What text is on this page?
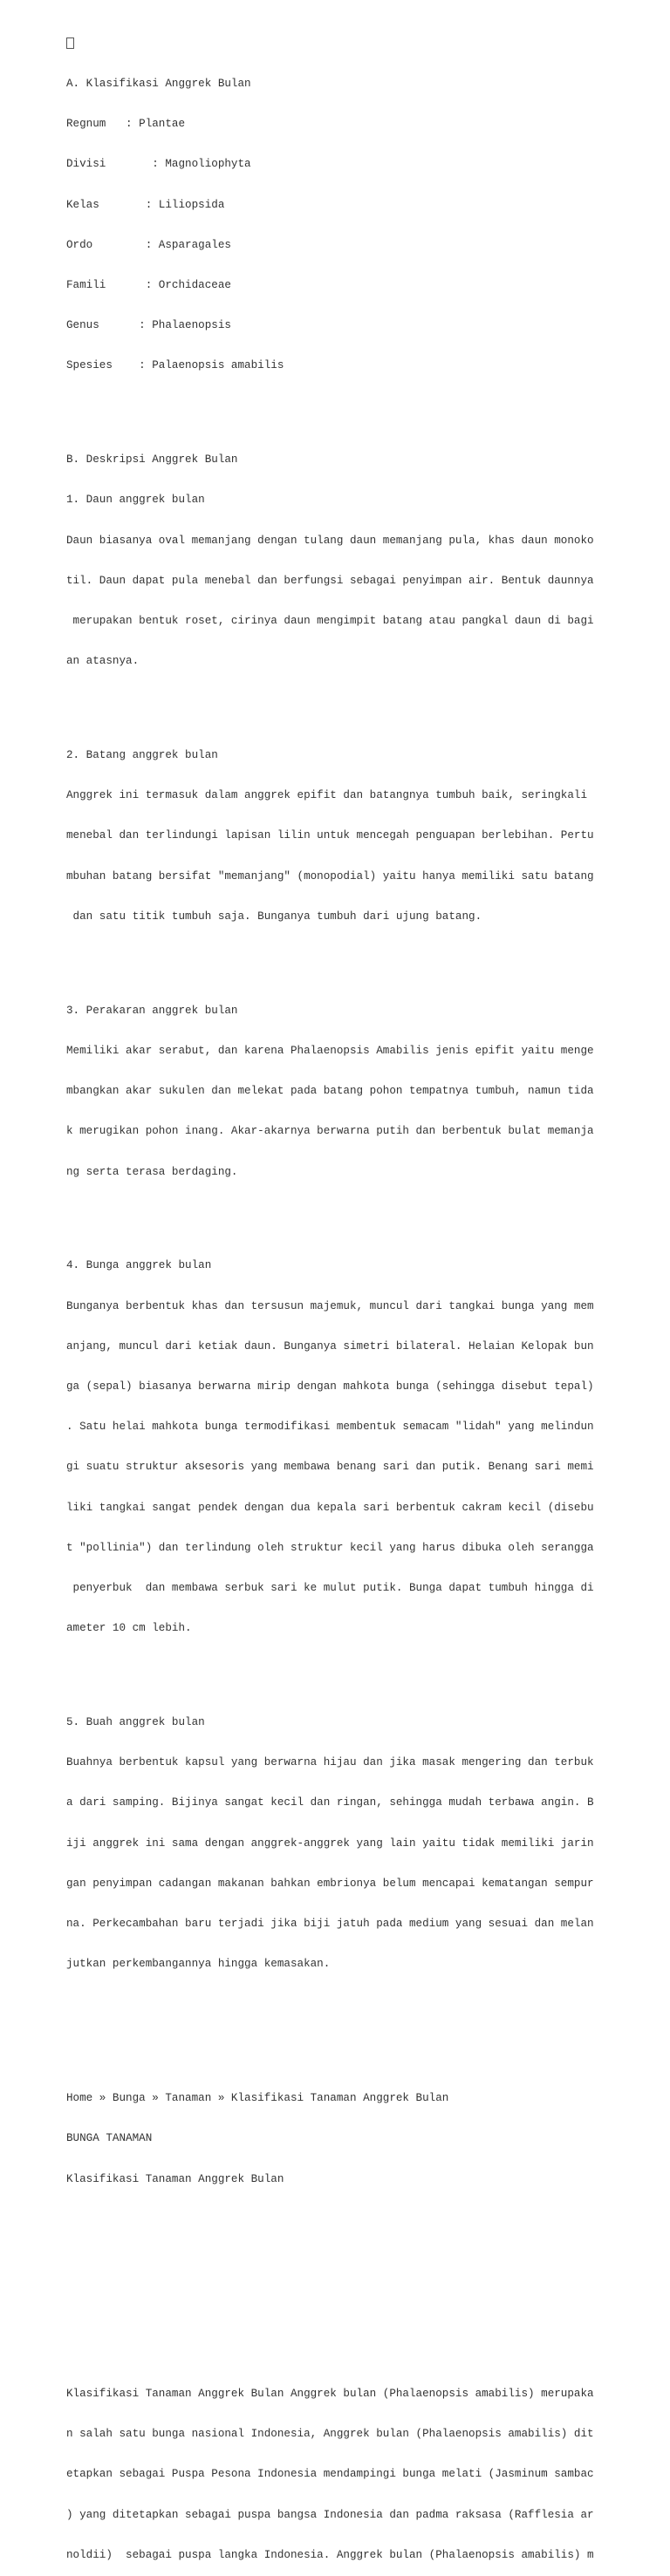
A. Klasifikasi Anggrek Bulan

Regnum   : Plantae

Divisi       : Magnoliophyta

Kelas       : Liliopsida

Ordo        : Asparagales

Famili      : Orchidaceae

Genus      : Phalaenopsis

Spesies    : Palaenopsis amabilis

B. Deskripsi Anggrek Bulan

1. Daun anggrek bulan

Daun biasanya oval memanjang dengan tulang daun memanjang pula, khas daun monoko

til. Daun dapat pula menebal dan berfungsi sebagai penyimpan air. Bentuk daunnya

merupakan bentuk roset, cirinya daun mengimpit batang atau pangkal daun di bagi

an atasnya.

2. Batang anggrek bulan

Anggrek ini termasuk dalam anggrek epifit dan batangnya tumbuh baik, seringkali

menebal dan terlindungi lapisan lilin untuk mencegah penguapan berlebihan. Pertu

mbuhan batang bersifat "memanjang" (monopodial) yaitu hanya memiliki satu batang

dan satu titik tumbuh saja. Bunganya tumbuh dari ujung batang.

3. Perakaran anggrek bulan

Memiliki akar serabut, dan karena Phalaenopsis Amabilis jenis epifit yaitu menge

mbangkan akar sukulen dan melekat pada batang pohon tempatnya tumbuh, namun tida

k merugikan pohon inang. Akar-akarnya berwarna putih dan berbentuk bulat memanja

ng serta terasa berdaging.

4. Bunga anggrek bulan

Bunganya berbentuk khas dan tersusun majemuk, muncul dari tangkai bunga yang mem

anjang, muncul dari ketiak daun. Bunganya simetri bilateral. Helaian Kelopak bun

ga (sepal) biasanya berwarna mirip dengan mahkota bunga (sehingga disebut tepal)

. Satu helai mahkota bunga termodifikasi membentuk semacam "lidah" yang melindun

gi suatu struktur aksesoris yang membawa benang sari dan putik. Benang sari memi

liki tangkai sangat pendek dengan dua kepala sari berbentuk cakram kecil (disebu

t "pollinia") dan terlindung oleh struktur kecil yang harus dibuka oleh serangga

penyerbuk  dan membawa serbuk sari ke mulut putik. Bunga dapat tumbuh hingga di

ameter 10 cm lebih.

5. Buah anggrek bulan

Buahnya berbentuk kapsul yang berwarna hijau dan jika masak mengering dan terbuk

a dari samping. Bijinya sangat kecil dan ringan, sehingga mudah terbawa angin. B

iji anggrek ini sama dengan anggrek-anggrek yang lain yaitu tidak memiliki jarin

gan penyimpan cadangan makanan bahkan embrionya belum mencapai kematangan sempur

na. Perkecambahan baru terjadi jika biji jatuh pada medium yang sesuai dan melan

jutkan perkembangannya hingga kemasakan.

Home » Bunga » Tanaman » Klasifikasi Tanaman Anggrek Bulan

BUNGA TANAMAN

Klasifikasi Tanaman Anggrek Bulan

Klasifikasi Tanaman Anggrek Bulan Anggrek bulan (Phalaenopsis amabilis) merupaka

n salah satu bunga nasional Indonesia, Anggrek bulan (Phalaenopsis amabilis) dit

etapkan sebagai Puspa Pesona Indonesia mendampingi bunga melati (Jasminum sambac

) yang ditetapkan sebagai puspa bangsa Indonesia dan padma raksasa (Rafflesia ar

noldii)  sebagai puspa langka Indonesia. Anggrek bulan (Phalaenopsis amabilis) m
